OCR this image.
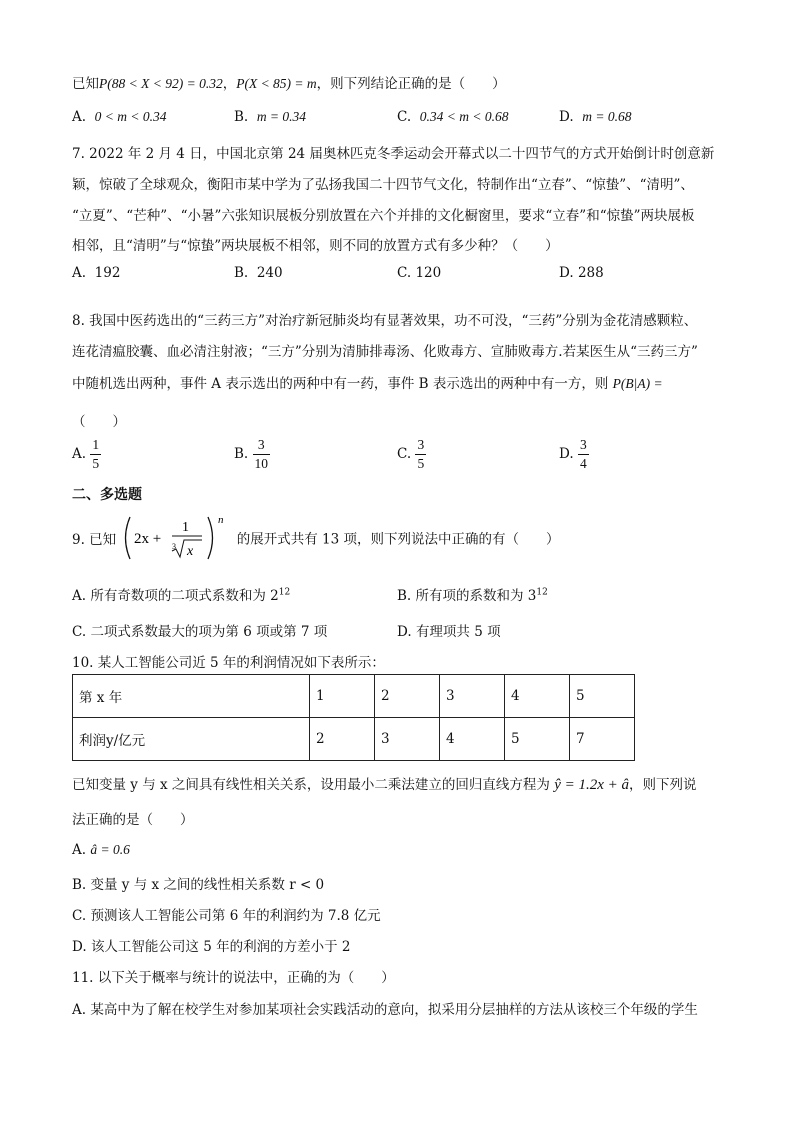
已知P(88 < X < 92) = 0.32，P(X < 85) = m，则下列结论正确的是（　　）
A. 0 < m < 0.34	B. m = 0.34	C. 0.34 < m < 0.68	D. m = 0.68
7. 2022 年 2 月 4 日，中国北京第 24 届奥林匹克冬季运动会开幕式以二十四节气的方式开始倒计时创意新
颖，惊破了全球观众，衡阳市某中学为了弘扬我国二十四节气文化，特制作出“立春”、“惊蛰”、“清明”、
“立夏”、“芒种”、“小暑”六张知识展板分别放置在六个并排的文化橱窗里，要求“立春”和“惊蛰”两块展板
相邻，且“清明”与“惊蛰”两块展板不相邻，则不同的放置方式有多少种？（　　）
A. 192	B. 240	C. 120	D. 288
8. 我国中医药选出的“三药三方”对治疗新冠肺炎均有显著效果，功不可没，“三药”分别为金花清感颗粒、
连花清瘟胶囊、血必清注射液；“三方”分别为清肺排毒汤、化败毒方、宣肺败毒方.若某医生从“三药三方”
中随机选出两种，事件 A 表示选出的两种中有一药，事件 B 表示选出的两种中有一方，则 P(B|A) =
（　　）
A. $\frac{1}{5}$	B. $\frac{3}{10}$	C. $\frac{3}{5}$	D. $\frac{3}{4}$
二、多选题
9. 已知 2x +
1
3 x
n
的展开式共有 13 项，则下列说法中正确的有（　　）
A. 所有奇数项的二项式系数和为 $2^{12}$	B. 所有项的系数和为 $3^{12}$
C. 二项式系数最大的项为第 6 项或第 7 项	D. 有理项共 5 项
10. 某人工智能公司近 5 年的利润情况如下表所示：
第 x 年	1	2	3	4	5
利润y/亿元	2	3	4	5	7
已知变量 y 与 x 之间具有线性相关关系，设用最小二乘法建立的回归直线方程为 ŷ = 1.2x + â，则下列说
法正确的是（　　）
A. â = 0.6
B. 变量 y 与 x 之间的线性相关系数 r < 0
C. 预测该人工智能公司第 6 年的利润约为 7.8 亿元
D. 该人工智能公司这 5 年的利润的方差小于 2
11. 以下关于概率与统计的说法中，正确的为（　　）
A. 某高中为了解在校学生对参加某项社会实践活动的意向，拟采用分层抽样的方法从该校三个年级的学生
